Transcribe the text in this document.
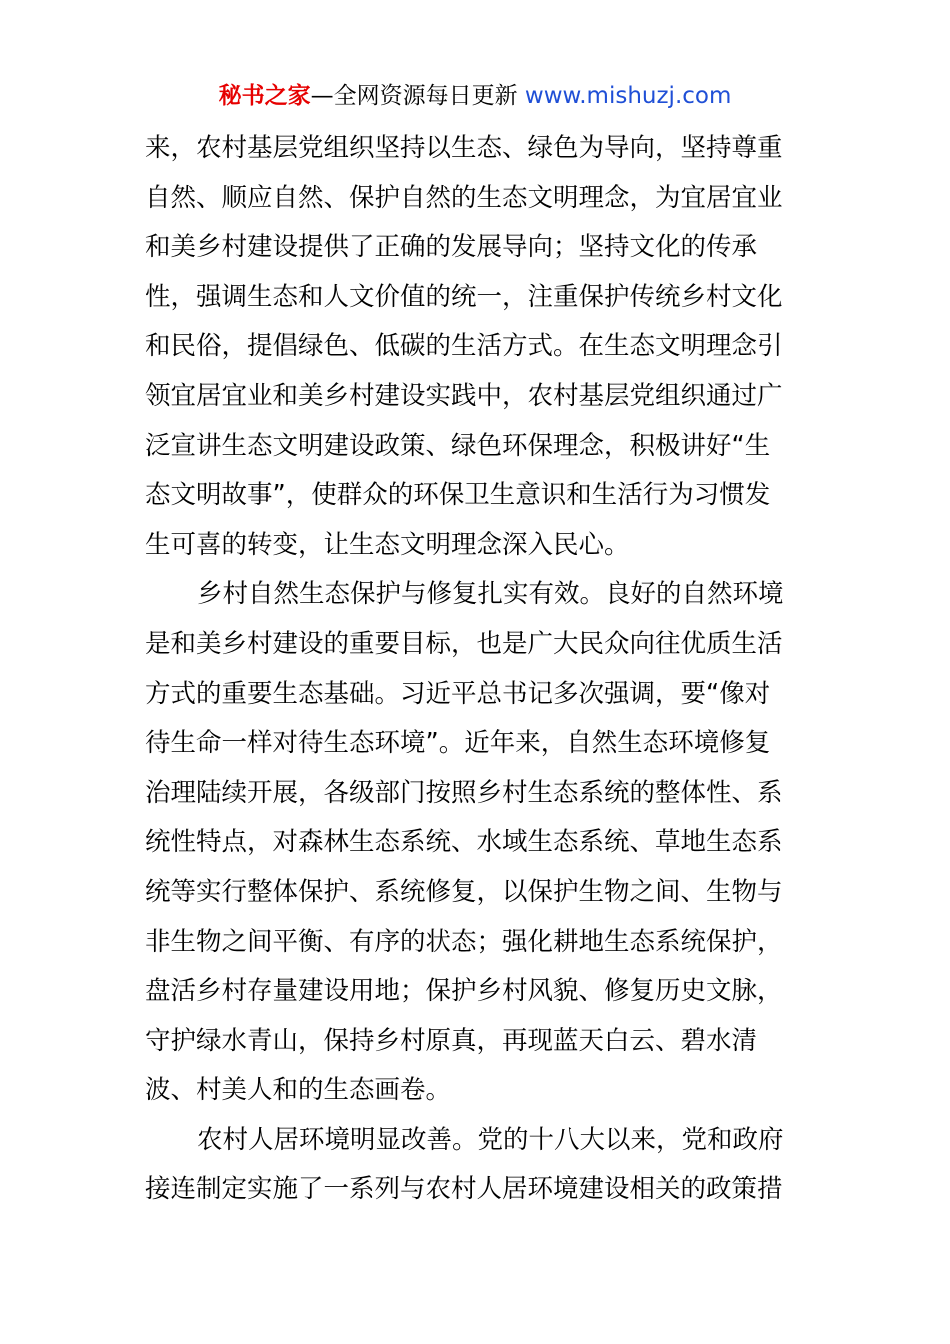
秘书之家—全网资源每日更新 www.mishuzj.com
来，农村基层党组织坚持以生态、绿色为导向，坚持尊重
自然、顺应自然、保护自然的生态文明理念，为宜居宜业
和美乡村建设提供了正确的发展导向；坚持文化的传承
性，强调生态和人文价值的统一，注重保护传统乡村文化
和民俗，提倡绿色、低碳的生活方式。在生态文明理念引
领宜居宜业和美乡村建设实践中，农村基层党组织通过广
泛宣讲生态文明建设政策、绿色环保理念，积极讲好“生
态文明故事”，使群众的环保卫生意识和生活行为习惯发
生可喜的转变，让生态文明理念深入民心。
乡村自然生态保护与修复扎实有效。良好的自然环境
是和美乡村建设的重要目标，也是广大民众向往优质生活
方式的重要生态基础。习近平总书记多次强调，要“像对
待生命一样对待生态环境”。近年来，自然生态环境修复
治理陆续开展，各级部门按照乡村生态系统的整体性、系
统性特点，对森林生态系统、水域生态系统、草地生态系
统等实行整体保护、系统修复，以保护生物之间、生物与
非生物之间平衡、有序的状态；强化耕地生态系统保护，
盘活乡村存量建设用地；保护乡村风貌、修复历史文脉，
守护绿水青山，保持乡村原真，再现蓝天白云、碧水清
波、村美人和的生态画卷。
农村人居环境明显改善。党的十八大以来，党和政府
接连制定实施了一系列与农村人居环境建设相关的政策措
